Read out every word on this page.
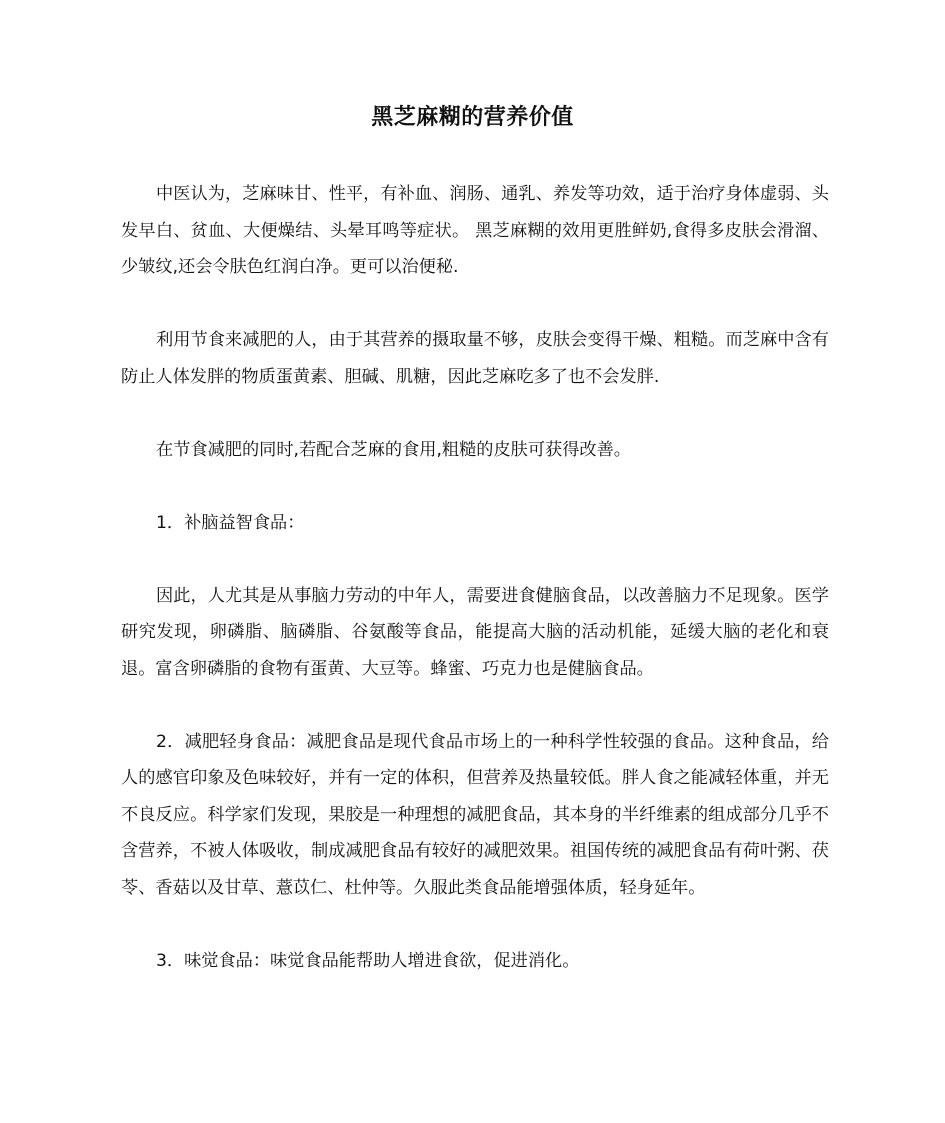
黑芝麻糊的营养价值

中医认为，芝麻味甘、性平，有补血、润肠、通乳、养发等功效，适于治疗身体虚弱、头发早白、贫血、大便燥结、头晕耳鸣等症状。 黑芝麻糊的效用更胜鲜奶,食得多皮肤会滑溜、少皱纹,还会令肤色红润白净。更可以治便秘.

利用节食来减肥的人，由于其营养的摄取量不够，皮肤会变得干燥、粗糙。而芝麻中含有防止人体发胖的物质蛋黄素、胆碱、肌糖，因此芝麻吃多了也不会发胖.

在节食减肥的同时,若配合芝麻的食用,粗糙的皮肤可获得改善。

1．补脑益智食品：

因此，人尤其是从事脑力劳动的中年人，需要进食健脑食品，以改善脑力不足现象。医学研究发现，卵磷脂、脑磷脂、谷氨酸等食品，能提高大脑的活动机能，延缓大脑的老化和衰退。富含卵磷脂的食物有蛋黄、大豆等。蜂蜜、巧克力也是健脑食品。

2．减肥轻身食品：减肥食品是现代食品市场上的一种科学性较强的食品。这种食品，给人的感官印象及色味较好，并有一定的体积，但营养及热量较低。胖人食之能减轻体重，并无不良反应。科学家们发现，果胶是一种理想的减肥食品，其本身的半纤维素的组成部分几乎不含营养，不被人体吸收，制成减肥食品有较好的减肥效果。祖国传统的减肥食品有荷叶粥、茯苓、香菇以及甘草、薏苡仁、杜仲等。久服此类食品能增强体质，轻身延年。

3．味觉食品：味觉食品能帮助人增进食欲，促进消化。
